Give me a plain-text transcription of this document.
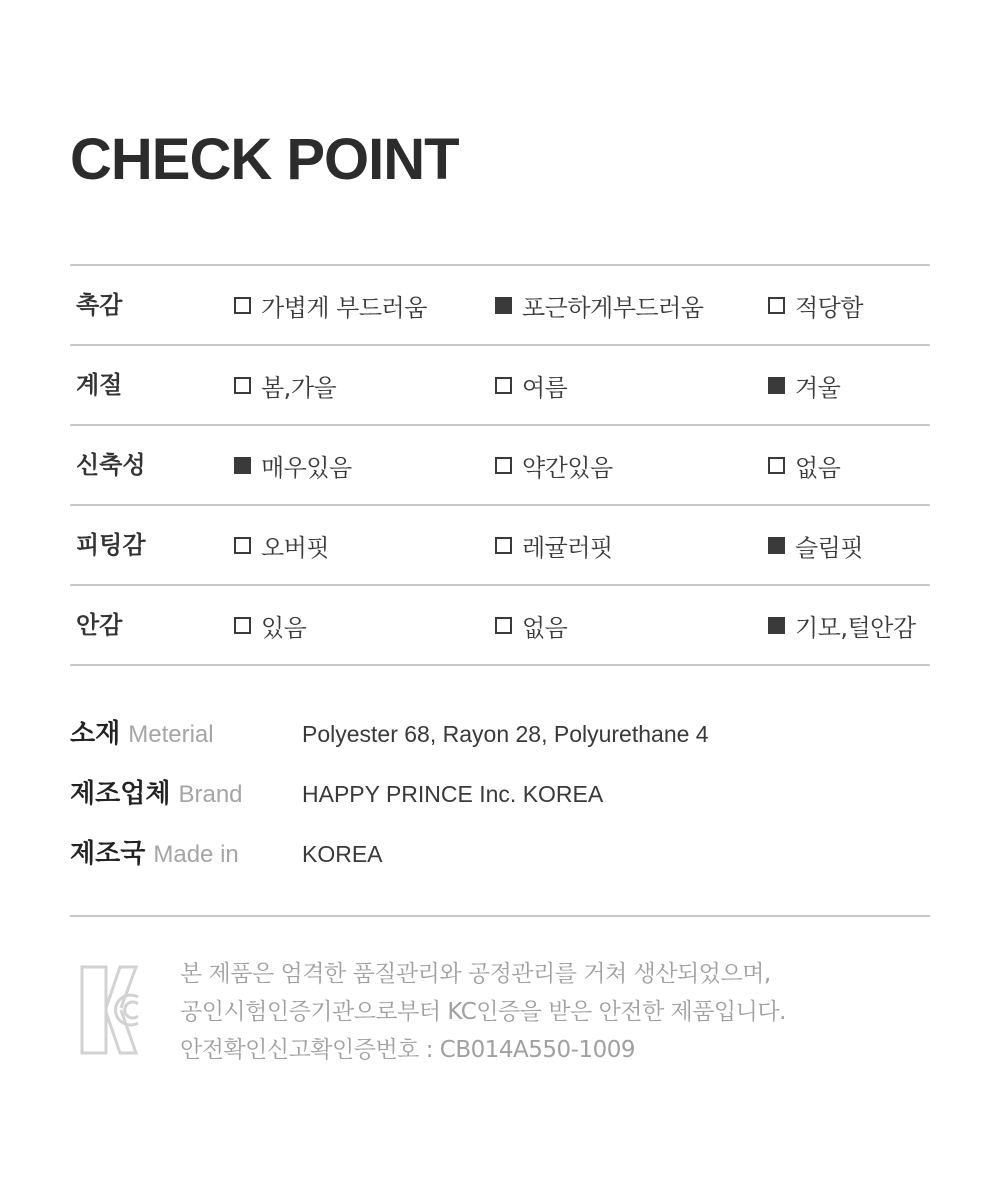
CHECK POINT
촉감	가볍게 부드러움	포근하게부드러움	적당함
계절	봄,가을	여름	겨울
신축성	매우있음	약간있음	없음
피팅감	오버핏	레귤러핏	슬림핏
안감	있음	없음	기모,털안감
소재 Meterial	Polyester 68, Rayon 28, Polyurethane 4
제조업체 Brand	HAPPY PRINCE Inc. KOREA
제조국 Made in	KOREA
본 제품은 엄격한 품질관리와 공정관리를 거쳐 생산되었으며,
공인시험인증기관으로부터 KC인증을 받은 안전한 제품입니다.
안전확인신고확인증번호 : CB014A550-1009
